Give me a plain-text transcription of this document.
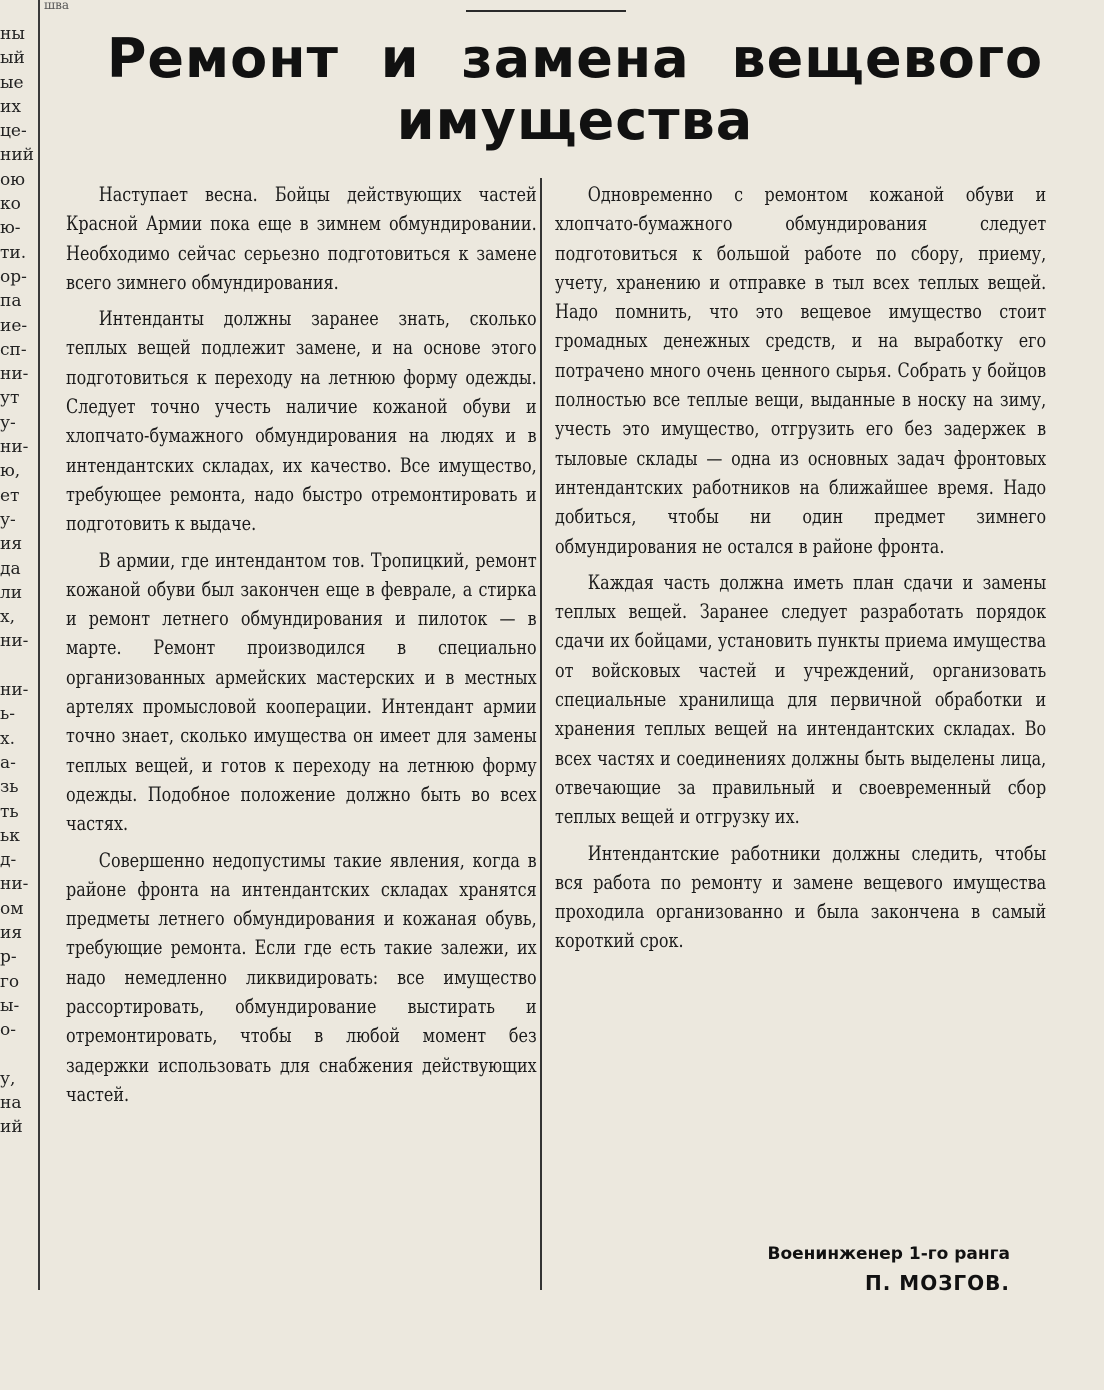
шва
ны
ый
ые
их
це-
ний
ою
ко
ю-
ти.
ор-
па
ие-
сп-
ни-
ут
у-
ни-
ю,
ет
у-
ия
да
ли
х,
ни-

ни-
ь-
х.
а-
зь
ть
ьк
д-
ни-
ом
ия
р-
го
ы-
о-

у,
на
ий
Ремонт и замена вещевого
имущества

Наступает весна. Бойцы действующих частей Красной Армии пока еще в зимнем обмундировании. Необходимо сейчас серьезно подготовиться к замене всего зимнего обмундирования.

Интенданты должны заранее знать, сколько теплых вещей подлежит замене, и на основе этого подготовиться к переходу на летнюю форму одежды. Следует точно учесть наличие кожаной обуви и хлопчато-бумажного обмундирования на людях и в интендантских складах, их качество. Все имущество, требующее ремонта, надо быстро отремонтировать и подготовить к выдаче.

В армии, где интендантом тов. Тропицкий, ремонт кожаной обуви был закончен еще в феврале, а стирка и ремонт летнего обмундирования и пилоток — в марте. Ремонт производился в специально организованных армейских мастерских и в местных артелях промысловой кооперации. Интендант армии точно знает, сколько имущества он имеет для замены теплых вещей, и готов к переходу на летнюю форму одежды. Подобное положение должно быть во всех частях.

Совершенно недопустимы такие явления, когда в районе фронта на интендантских складах хранятся предметы летнего обмундирования и кожаная обувь, требующие ремонта. Если где есть такие залежи, их надо немедленно ликвидировать: все имущество рассортировать, обмундирование выстирать и отремонтировать, чтобы в любой момент без задержки использовать для снабжения действующих частей.

Одновременно с ремонтом кожаной обуви и хлопчато-бумажного обмундирования следует подготовиться к большой работе по сбору, приему, учету, хранению и отправке в тыл всех теплых вещей. Надо помнить, что это вещевое имущество стоит громадных денежных средств, и на выработку его потрачено много очень ценного сырья. Собрать у бойцов полностью все теплые вещи, выданные в носку на зиму, учесть это имущество, отгрузить его без задержек в тыловые склады — одна из основных задач фронтовых интендантских работников на ближайшее время. Надо добиться, чтобы ни один предмет зимнего обмундирования не остался в районе фронта.

Каждая часть должна иметь план сдачи и замены теплых вещей. Заранее следует разработать порядок сдачи их бойцами, установить пункты приема имущества от войсковых частей и учреждений, организовать специальные хранилища для первичной обработки и хранения теплых вещей на интендантских складах. Во всех частях и соединениях должны быть выделены лица, отвечающие за правильный и своевременный сбор теплых вещей и отгрузку их.

Интендантские работники должны следить, чтобы вся работа по ремонту и замене вещевого имущества проходила организованно и была закончена в самый короткий срок.

Военинженер 1-го ранга
П. МОЗГОВ.
